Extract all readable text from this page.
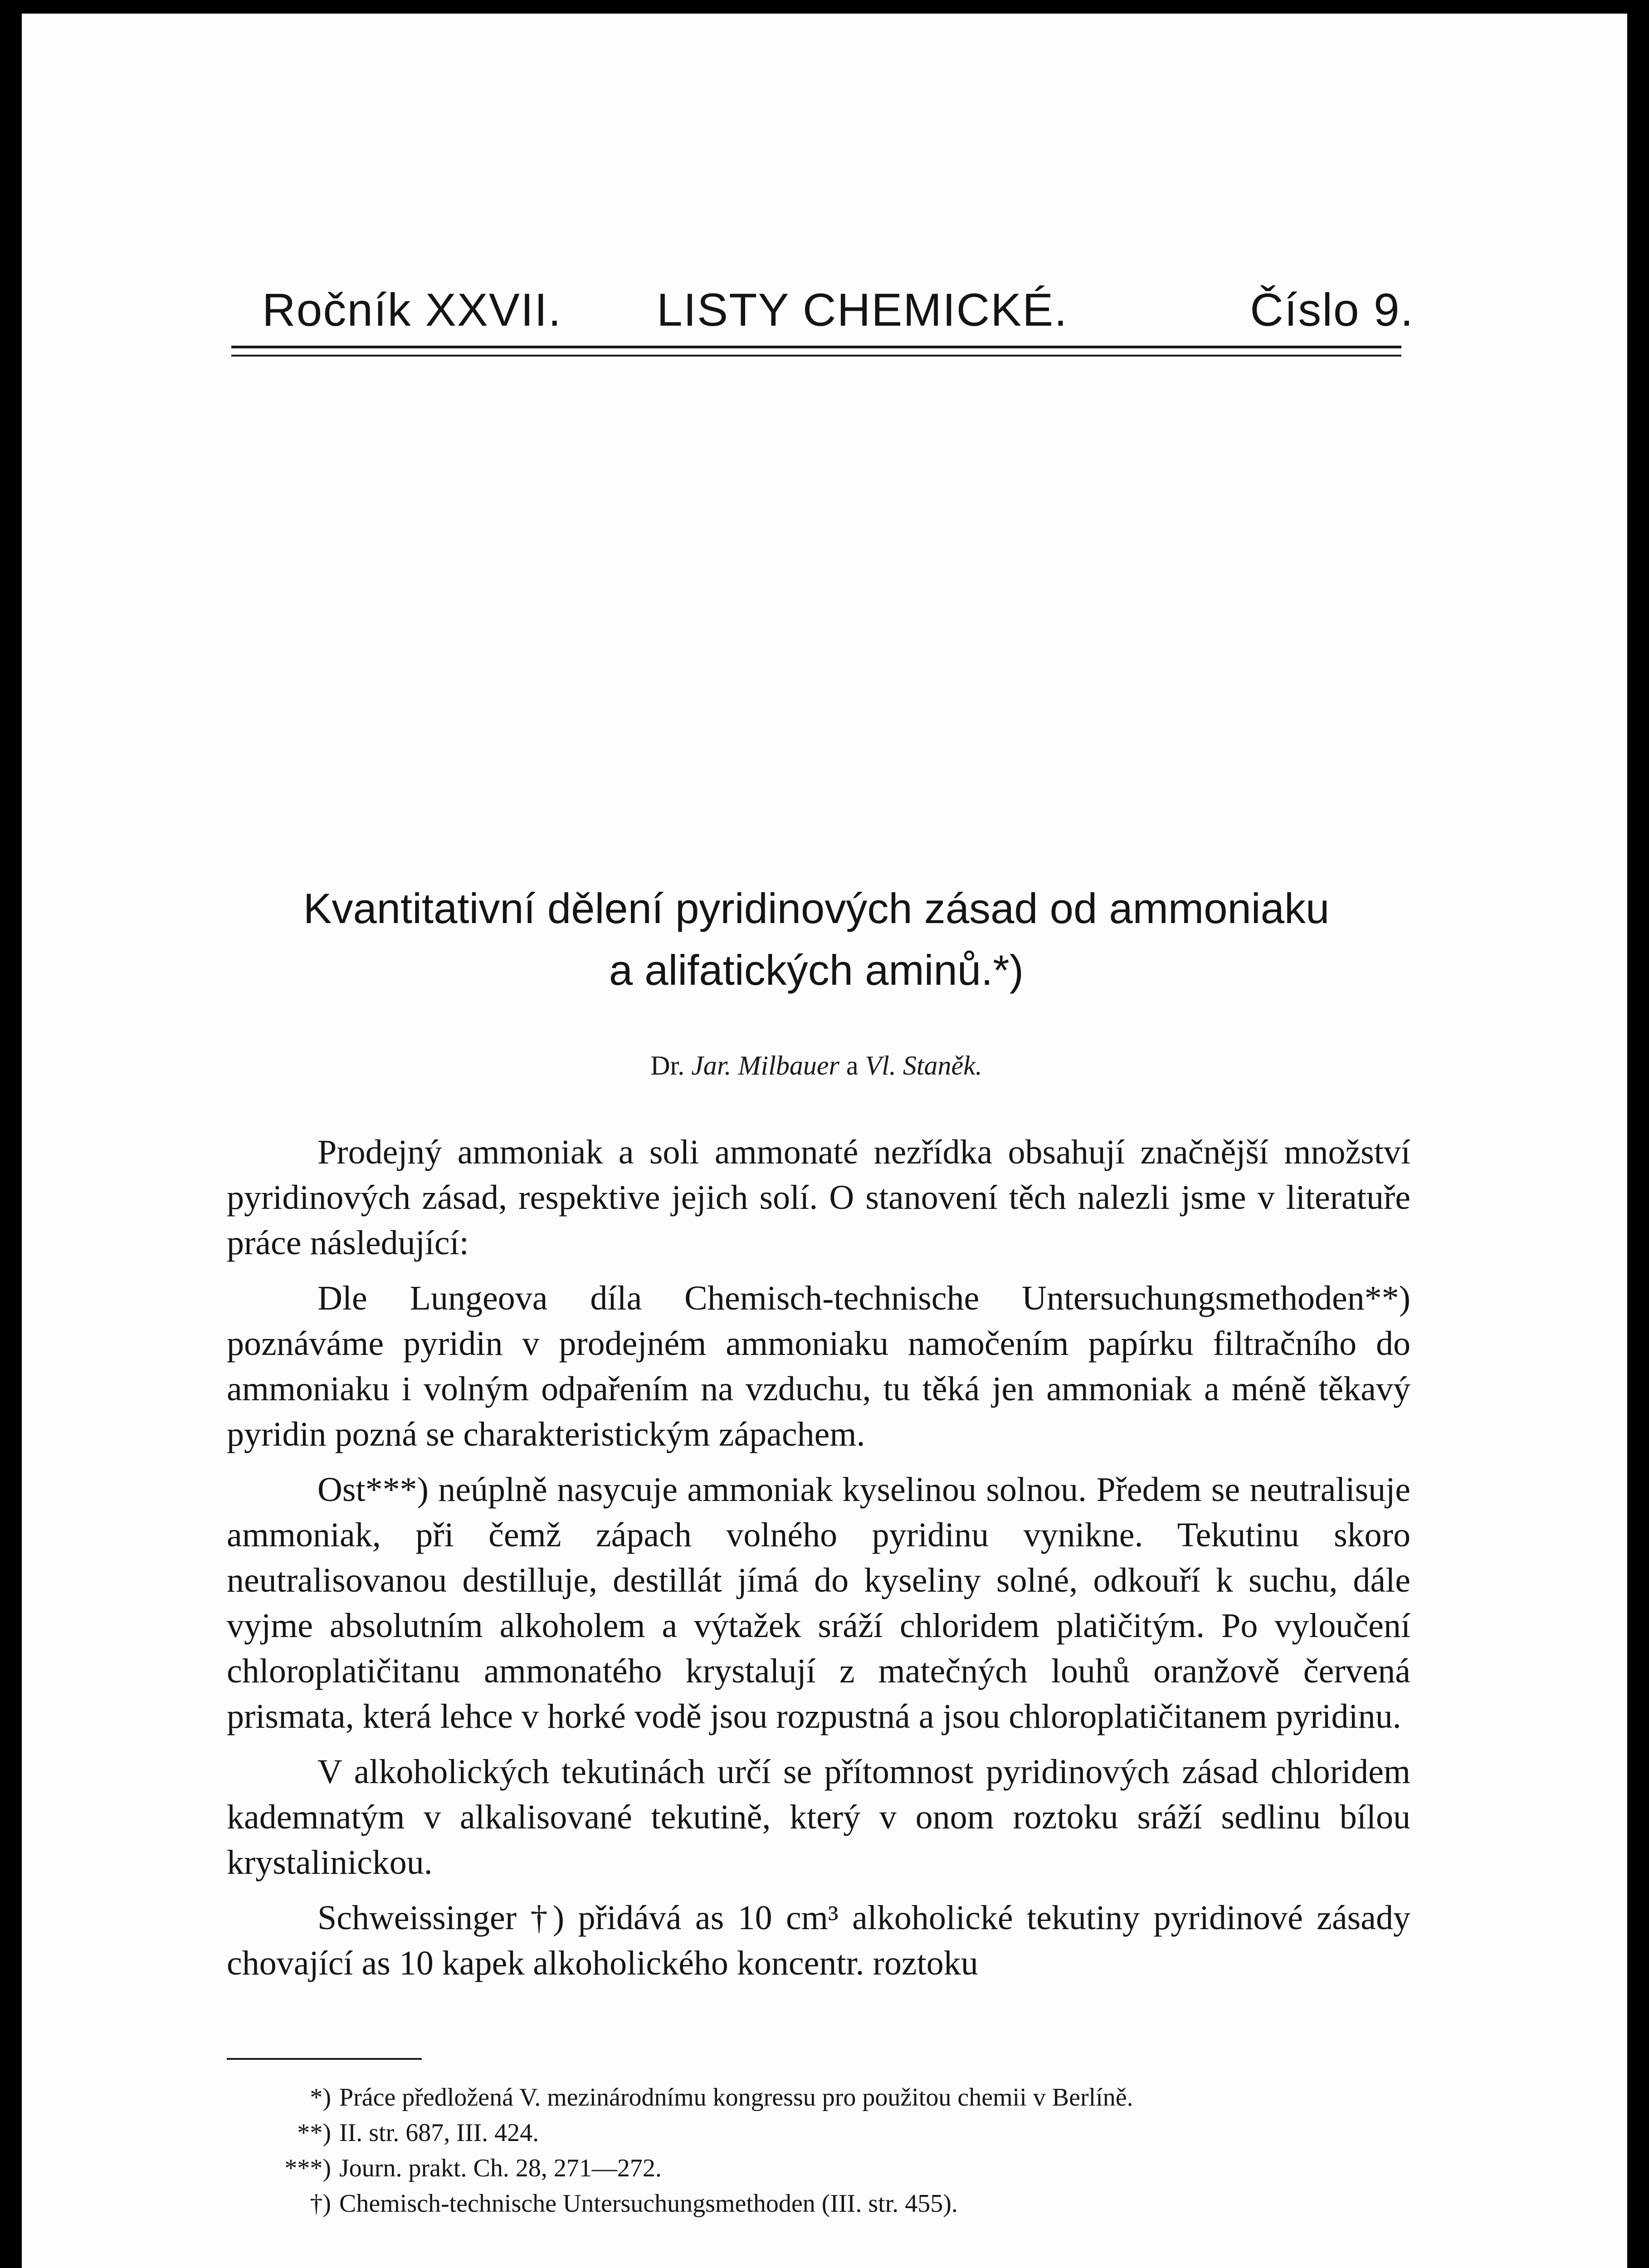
Ročník XXVII. LISTY CHEMICKÉ.	Číslo 9.
Kvantitativní dělení pyridinových zásad od ammoniaku
a alifatických aminů.*)
Dr. Jar. Milbauer a Vl. Staněk.

Prodejný ammoniak a soli ammonaté nezřídka obsahují značnější množství pyridinových zásad, respektive jejich solí. O stanovení těch nalezli jsme v literatuře práce následující:

Dle Lungeova díla Chemisch-technische Untersuchungsmethoden**) poznáváme pyridin v prodejném ammoniaku namočením papírku filtračního do ammoniaku i volným odpařením na vzduchu, tu těká jen ammoniak a méně těkavý pyridin pozná se charakteristickým zápachem.

Ost***) neúplně nasycuje ammoniak kyselinou solnou. Předem se neutralisuje ammoniak, při čemž zápach volného pyridinu vynikne. Tekutinu skoro neutralisovanou destilluje, destillát jímá do kyseliny solné, odkouří k suchu, dále vyjme absolutním alkoholem a výtažek sráží chloridem platičitým. Po vyloučení chloroplatičitanu ammonatého krystalují z matečných louhů oranžově červená prismata, která lehce v horké vodě jsou rozpustná a jsou chloroplatičitanem pyridinu.

V alkoholických tekutinách určí se přítomnost pyridinových zásad chloridem kademnatým v alkalisované tekutině, který v onom roztoku sráží sedlinu bílou krystalinickou.

Schweissinger †) přidává as 10 cm³ alkoholické tekutiny pyridinové zásady chovající as 10 kapek alkoholického koncentr. roztoku

*) Práce předložená V. mezinárodnímu kongressu pro použitou chemii v Berlíně.
**) II. str. 687, III. 424.
***) Journ. prakt. Ch. 28, 271—272.
†) Chemisch-technische Untersuchungsmethoden (III. str. 455).
